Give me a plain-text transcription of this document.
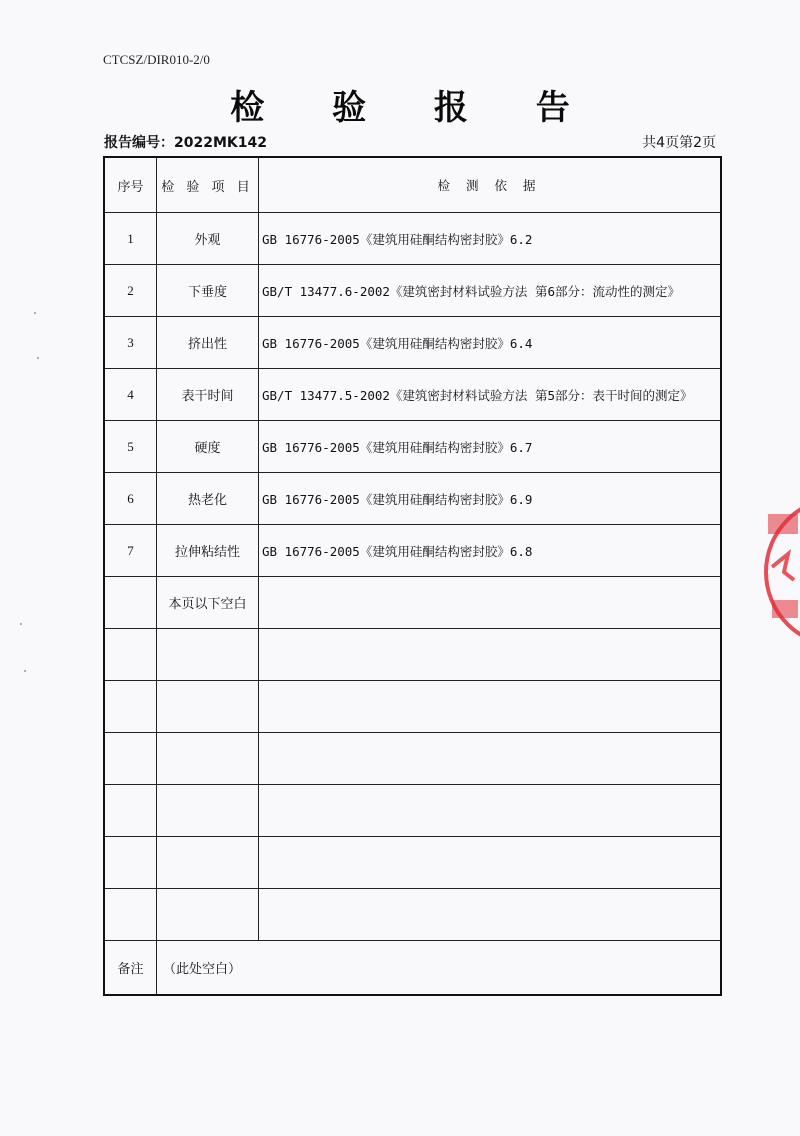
CTCSZ/DIR010-2/0
检 验 报 告
报告编号：2022MK142	共4页第2页
序号	检 验 项 目	检 测 依 据
1	外观	GB 16776-2005《建筑用硅酮结构密封胶》6.2
2	下垂度	GB/T 13477.6-2002《建筑密封材料试验方法 第6部分：流动性的测定》
3	挤出性	GB 16776-2005《建筑用硅酮结构密封胶》6.4
4	表干时间	GB/T 13477.5-2002《建筑密封材料试验方法 第5部分：表干时间的测定》
5	硬度	GB 16776-2005《建筑用硅酮结构密封胶》6.7
6	热老化	GB 16776-2005《建筑用硅酮结构密封胶》6.9
7	拉伸粘结性	GB 16776-2005《建筑用硅酮结构密封胶》6.8
	本页以下空白	

备注	（此处空白）	
